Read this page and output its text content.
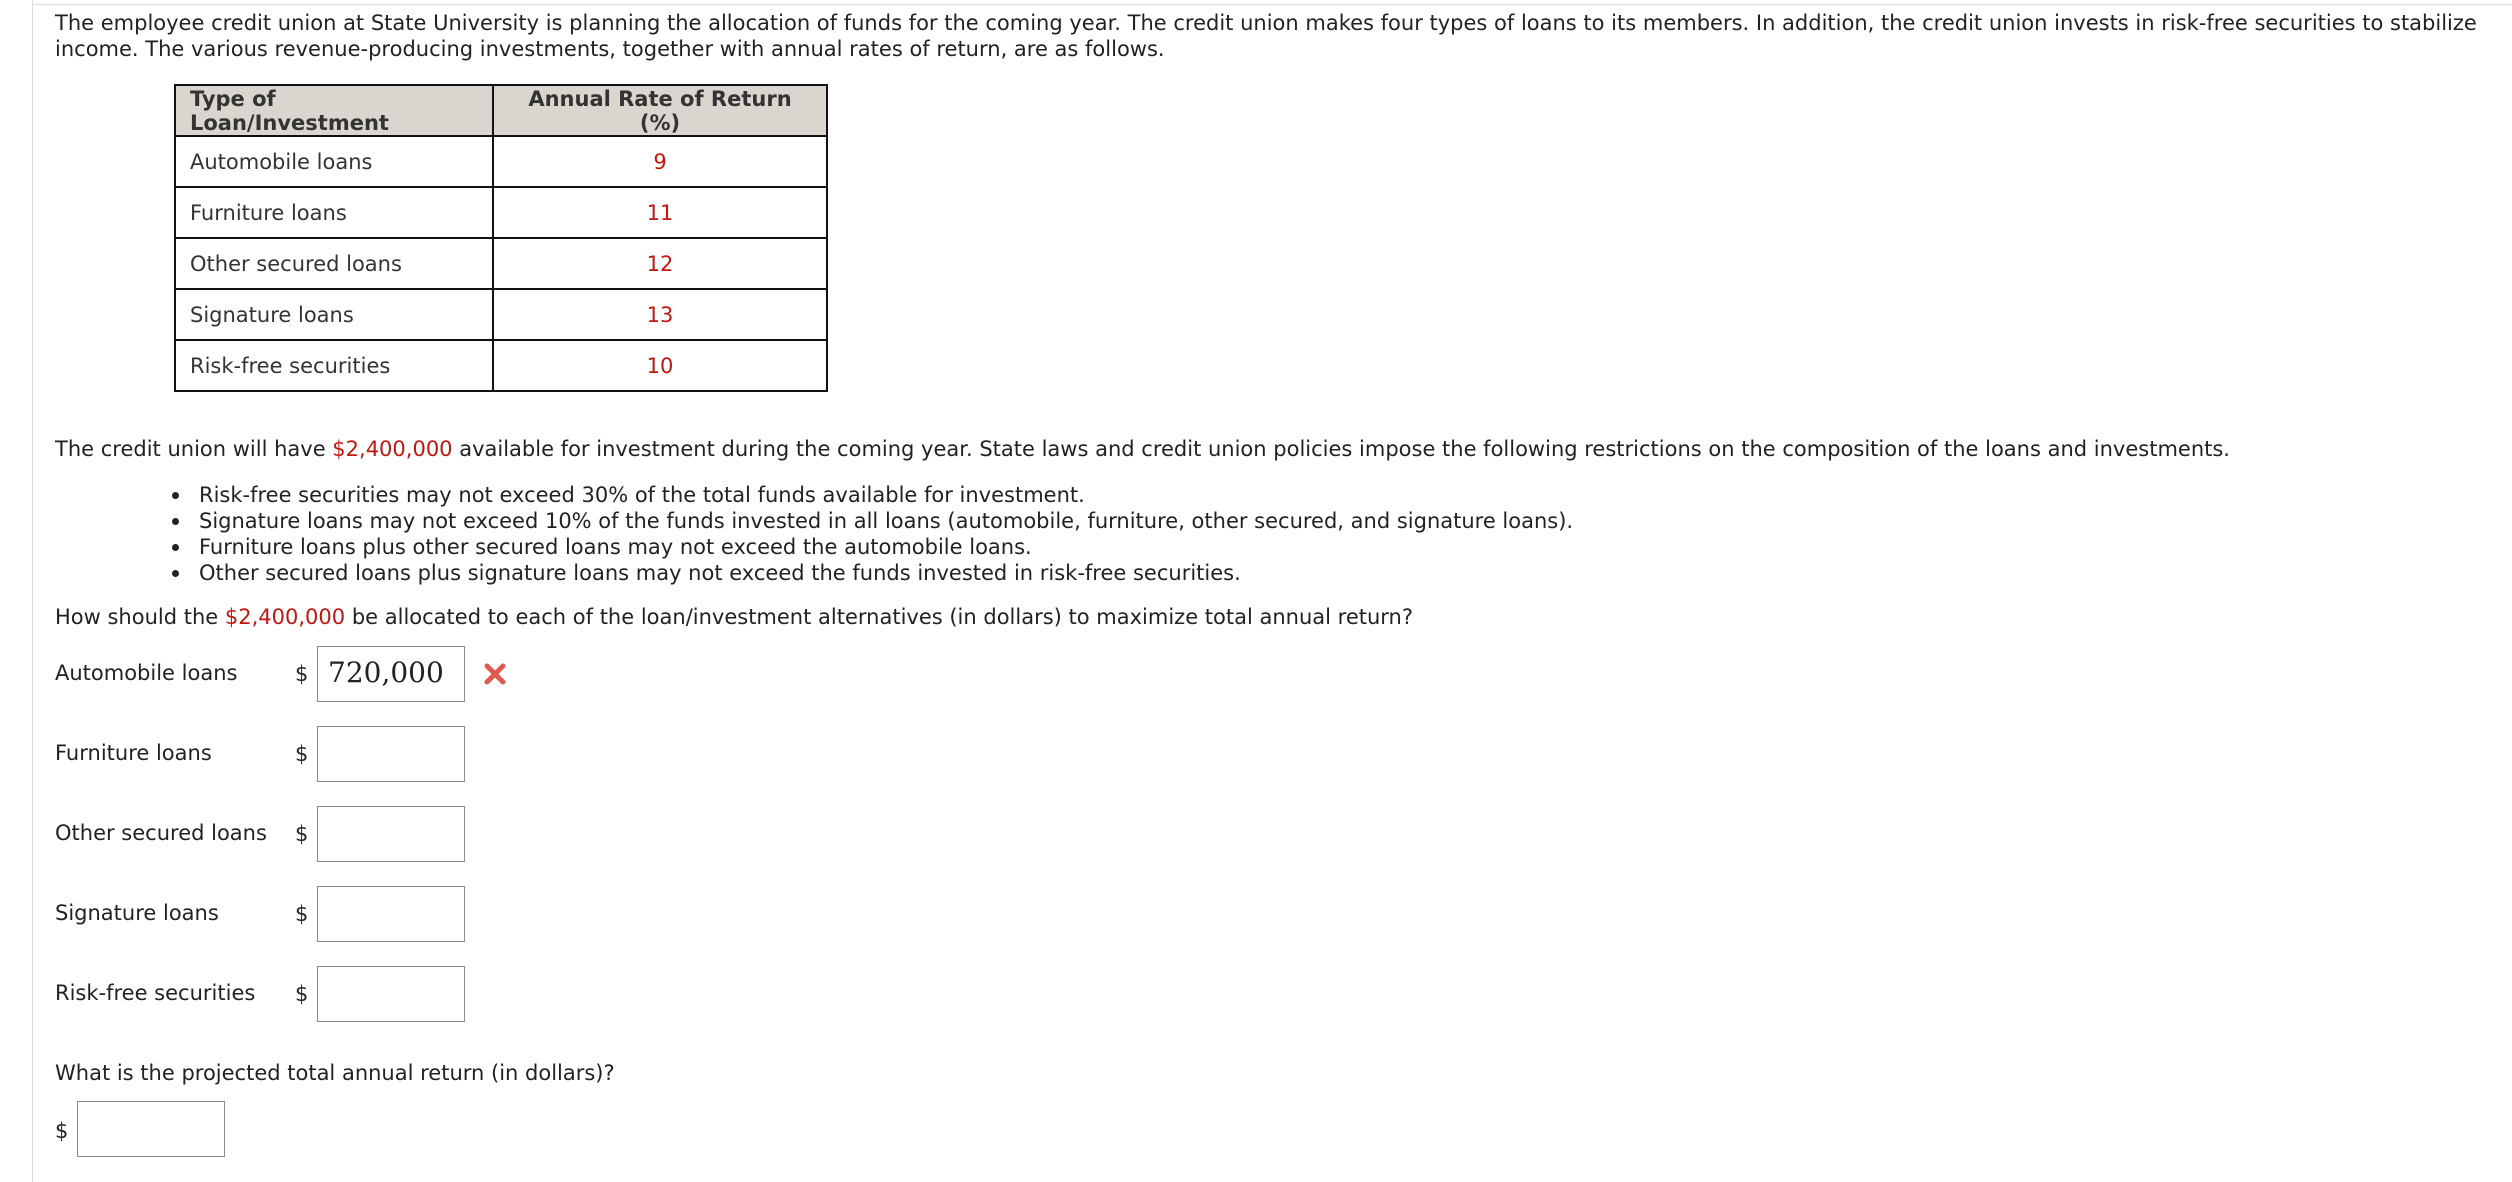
The employee credit union at State University is planning the allocation of funds for the coming year. The credit union makes four types of loans to its members. In addition, the credit union invests in risk-free securities to stabilize income. The various revenue-producing investments, together with annual rates of return, are as follows.

Type of Loan/Investment	Annual Rate of Return (%)
Automobile loans	9
Furniture loans	11
Other secured loans	12
Signature loans	13
Risk-free securities	10

The credit union will have $2,400,000 available for investment during the coming year. State laws and credit union policies impose the following restrictions on the composition of the loans and investments.

Risk-free securities may not exceed 30% of the total funds available for investment.
Signature loans may not exceed 10% of the funds invested in all loans (automobile, furniture, other secured, and signature loans).
Furniture loans plus other secured loans may not exceed the automobile loans.
Other secured loans plus signature loans may not exceed the funds invested in risk-free securities.

How should the $2,400,000 be allocated to each of the loan/investment alternatives (in dollars) to maximize total annual return?

Automobile loans	$ 720,000
Furniture loans	$
Other secured loans $
Signature loans	$
Risk-free securities $

What is the projected total annual return (in dollars)?

$
